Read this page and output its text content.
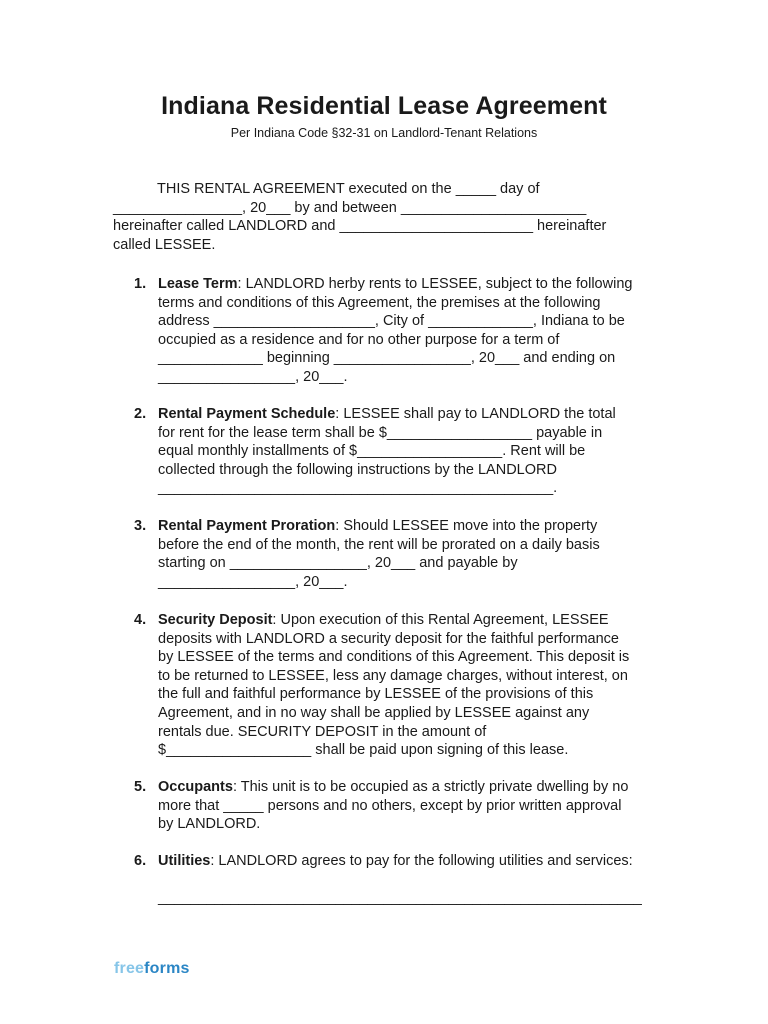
Indiana Residential Lease Agreement
Per Indiana Code §32-31 on Landlord-Tenant Relations
THIS RENTAL AGREEMENT executed on the _____ day of
________________, 20___ by and between _______________________
hereinafter called LANDLORD and ________________________ hereinafter
called LESSEE.
1. Lease Term: LANDLORD herby rents to LESSEE, subject to the following
terms and conditions of this Agreement, the premises at the following
address ____________________, City of _____________, Indiana to be
occupied as a residence and for no other purpose for a term of
_____________ beginning _________________, 20___ and ending on
_________________, 20___.
2. Rental Payment Schedule: LESSEE shall pay to LANDLORD the total
for rent for the lease term shall be $__________________ payable in
equal monthly installments of $__________________. Rent will be
collected through the following instructions by the LANDLORD
_________________________________________________.
3. Rental Payment Proration: Should LESSEE move into the property
before the end of the month, the rent will be prorated on a daily basis
starting on _________________, 20___ and payable by
_________________, 20___.
4. Security Deposit: Upon execution of this Rental Agreement, LESSEE
deposits with LANDLORD a security deposit for the faithful performance
by LESSEE of the terms and conditions of this Agreement. This deposit is
to be returned to LESSEE, less any damage charges, without interest, on
the full and faithful performance by LESSEE of the provisions of this
Agreement, and in no way shall be applied by LESSEE against any
rentals due. SECURITY DEPOSIT in the amount of
$__________________ shall be paid upon signing of this lease.
5. Occupants: This unit is to be occupied as a strictly private dwelling by no
more that _____ persons and no others, except by prior written approval
by LANDLORD.
6. Utilities: LANDLORD agrees to pay for the following utilities and services:
____________________________________________________________
freeforms
